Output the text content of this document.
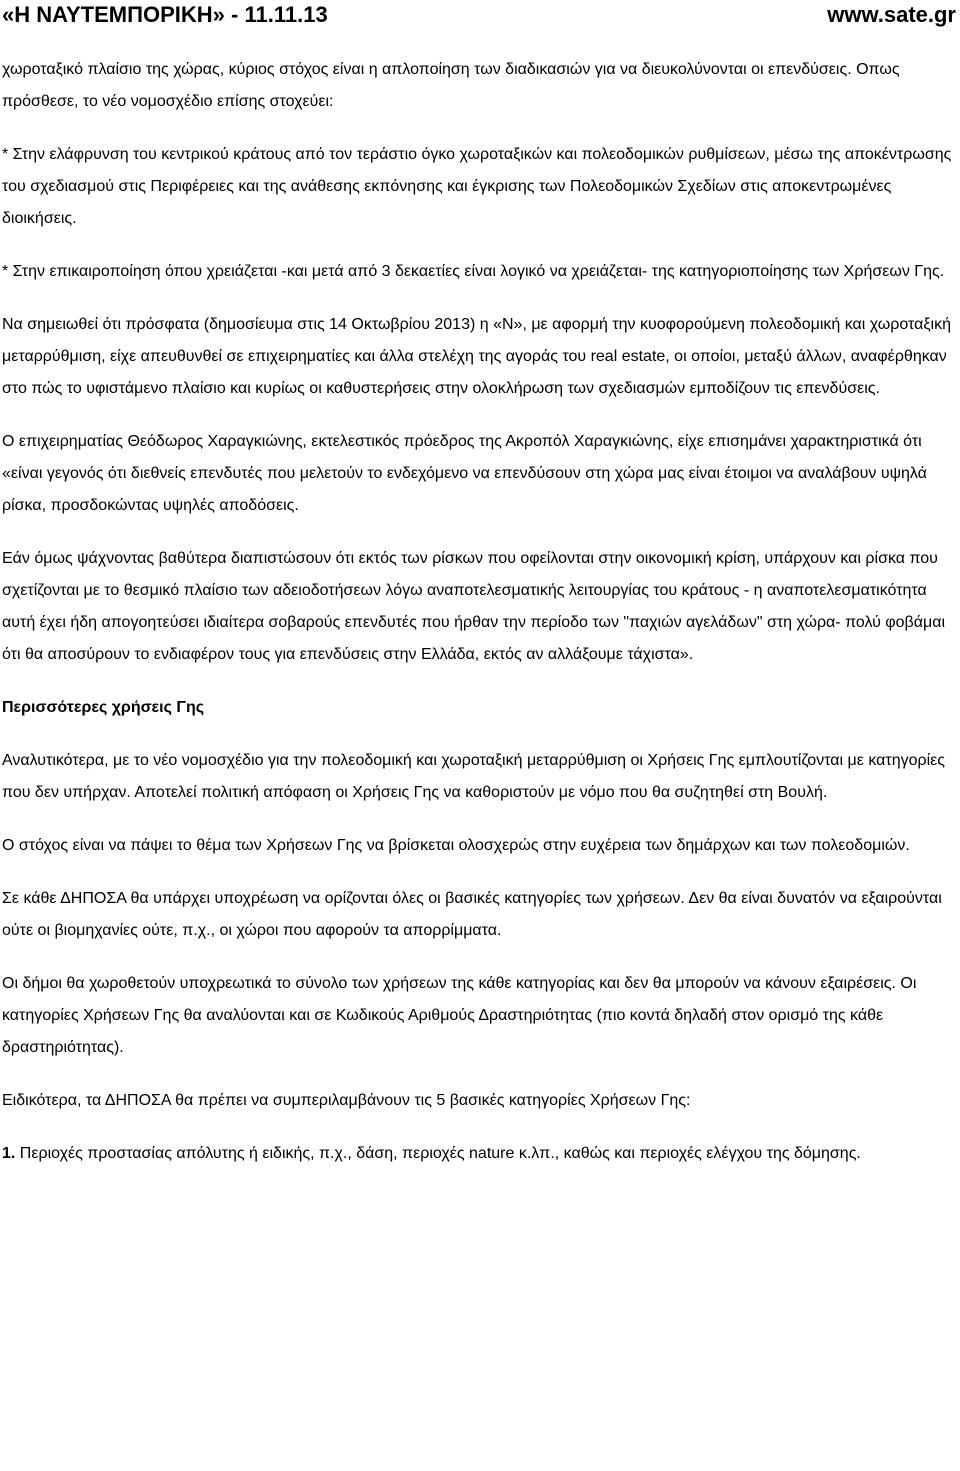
«Η ΝΑΥΤΕΜΠΟΡΙΚΗ» - 11.11.13	www.sate.gr

χωροταξικό πλαίσιο της χώρας, κύριος στόχος είναι η απλοποίηση των διαδικασιών για να διευκολύνονται οι επενδύσεις. Οπως πρόσθεσε, το νέο νομοσχέδιο επίσης στοχεύει:

* Στην ελάφρυνση του κεντρικού κράτους από τον τεράστιο όγκο χωροταξικών και πολεοδομικών ρυθμίσεων, μέσω της αποκέντρωσης του σχεδιασμού στις Περιφέρειες και της ανάθεσης εκπόνησης και έγκρισης των Πολεοδομικών Σχεδίων στις αποκεντρωμένες διοικήσεις.

* Στην επικαιροποίηση όπου χρειάζεται -και μετά από 3 δεκαετίες είναι λογικό να χρειάζεται- της κατηγοριοποίησης των Χρήσεων Γης.

Να σημειωθεί ότι πρόσφατα (δημοσίευμα στις 14 Οκτωβρίου 2013) η «Ν», με αφορμή την κυοφορούμενη πολεοδομική και χωροταξική μεταρρύθμιση, είχε απευθυνθεί σε επιχειρηματίες και άλλα στελέχη της αγοράς του real estate, οι οποίοι, μεταξύ άλλων, αναφέρθηκαν στο πώς το υφιστάμενο πλαίσιο και κυρίως οι καθυστερήσεις στην ολοκλήρωση των σχεδιασμών εμποδίζουν τις επενδύσεις.

Ο επιχειρηματίας Θεόδωρος Χαραγκιώνης, εκτελεστικός πρόεδρος της Ακροπόλ Χαραγκιώνης, είχε επισημάνει χαρακτηριστικά ότι «είναι γεγονός ότι διεθνείς επενδυτές που μελετούν το ενδεχόμενο να επενδύσουν στη χώρα μας είναι έτοιμοι να αναλάβουν υψηλά ρίσκα, προσδοκώντας υψηλές αποδόσεις.

Εάν όμως ψάχνοντας βαθύτερα διαπιστώσουν ότι εκτός των ρίσκων που οφείλονται στην οικονομική κρίση, υπάρχουν και ρίσκα που σχετίζονται με το θεσμικό πλαίσιο των αδειοδοτήσεων λόγω αναποτελεσματικής λειτουργίας του κράτους - η αναποτελεσματικότητα αυτή έχει ήδη απογοητεύσει ιδιαίτερα σοβαρούς επενδυτές που ήρθαν την περίοδο των "παχιών αγελάδων" στη χώρα- πολύ φοβάμαι ότι θα αποσύρουν το ενδιαφέρον τους για επενδύσεις στην Ελλάδα, εκτός αν αλλάξουμε τάχιστα».

Περισσότερες χρήσεις Γης

Αναλυτικότερα, με το νέο νομοσχέδιο για την πολεοδομική και χωροταξική μεταρρύθμιση οι Χρήσεις Γης εμπλουτίζονται με κατηγορίες που δεν υπήρχαν. Αποτελεί πολιτική απόφαση οι Χρήσεις Γης να καθοριστούν με νόμο που θα συζητηθεί στη Βουλή.

Ο στόχος είναι να πάψει το θέμα των Χρήσεων Γης να βρίσκεται ολοσχερώς στην ευχέρεια των δημάρχων και των πολεοδομιών.

Σε κάθε ΔΗΠΟΣΑ θα υπάρχει υποχρέωση να ορίζονται όλες οι βασικές κατηγορίες των χρήσεων. Δεν θα είναι δυνατόν να εξαιρούνται ούτε οι βιομηχανίες ούτε, π.χ., οι χώροι που αφορούν τα απορρίμματα.

Οι δήμοι θα χωροθετούν υποχρεωτικά το σύνολο των χρήσεων της κάθε κατηγορίας και δεν θα μπορούν να κάνουν εξαιρέσεις. Οι κατηγορίες Χρήσεων Γης θα αναλύονται και σε Κωδικούς Αριθμούς Δραστηριότητας (πιο κοντά δηλαδή στον ορισμό της κάθε δραστηριότητας).

Ειδικότερα, τα ΔΗΠΟΣΑ θα πρέπει να συμπεριλαμβάνουν τις 5 βασικές κατηγορίες Χρήσεων Γης:

1. Περιοχές προστασίας απόλυτης ή ειδικής, π.χ., δάση, περιοχές nature κ.λπ., καθώς και περιοχές ελέγχου της δόμησης.
